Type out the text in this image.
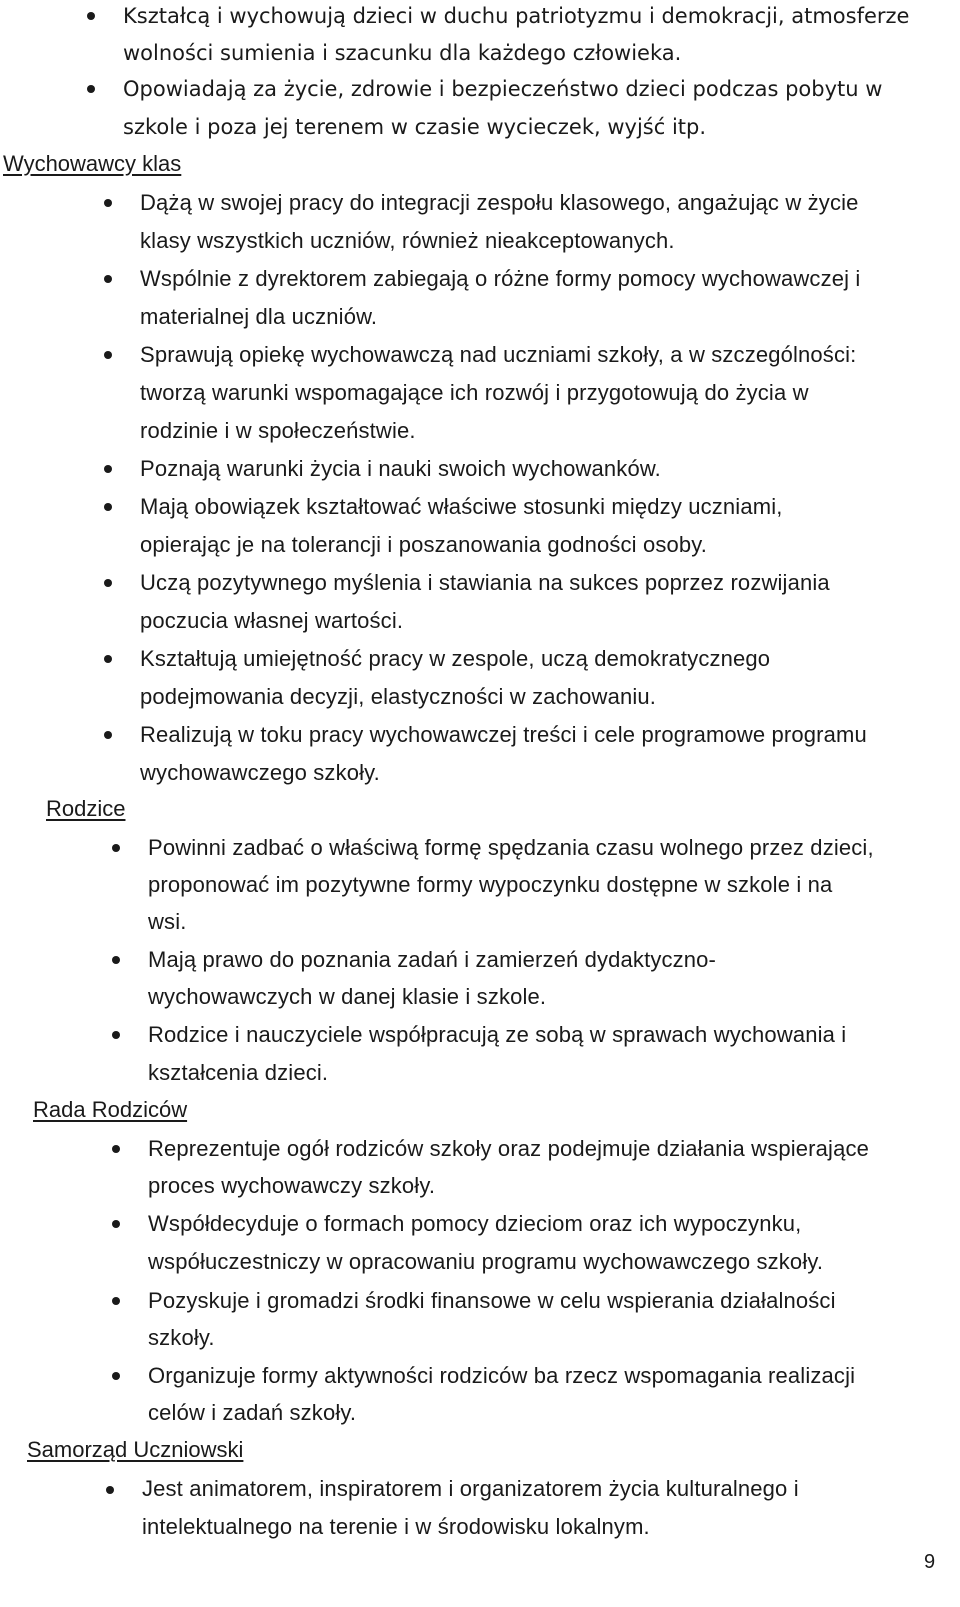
Kształcą i wychowują dzieci w duchu patriotyzmu i demokracji, atmosferze
wolności sumienia i szacunku dla każdego człowieka.
Opowiadają za życie, zdrowie i bezpieczeństwo dzieci podczas pobytu w
szkole i poza jej terenem w czasie wycieczek, wyjść itp.
Wychowawcy klas
Dążą w swojej pracy do integracji zespołu klasowego, angażując w życie
klasy wszystkich uczniów, również nieakceptowanych.
Wspólnie z dyrektorem zabiegają o różne formy pomocy wychowawczej i
materialnej dla uczniów.
Sprawują opiekę wychowawczą nad uczniami szkoły, a w szczególności:
tworzą warunki wspomagające ich rozwój i przygotowują do życia w
rodzinie i w społeczeństwie.
Poznają warunki życia i nauki swoich wychowanków.
Mają obowiązek kształtować właściwe stosunki między uczniami,
opierając je na tolerancji i poszanowania godności osoby.
Uczą pozytywnego myślenia i stawiania na sukces poprzez rozwijania
poczucia własnej wartości.
Kształtują umiejętność pracy w zespole, uczą demokratycznego
podejmowania decyzji, elastyczności w zachowaniu.
Realizują w toku pracy wychowawczej treści i cele programowe programu
wychowawczego szkoły.
Rodzice
Powinni zadbać o właściwą formę spędzania czasu wolnego przez dzieci,
proponować im pozytywne formy wypoczynku dostępne w szkole i na
wsi.
Mają prawo do poznania zadań i zamierzeń dydaktyczno-
wychowawczych w danej klasie i szkole.
Rodzice i nauczyciele współpracują ze sobą w sprawach wychowania i
kształcenia dzieci.
Rada Rodziców
Reprezentuje ogół rodziców szkoły oraz podejmuje działania wspierające
proces wychowawczy szkoły.
Współdecyduje o formach pomocy dzieciom oraz ich wypoczynku,
współuczestniczy w opracowaniu programu wychowawczego szkoły.
Pozyskuje i gromadzi środki finansowe w celu wspierania działalności
szkoły.
Organizuje formy aktywności rodziców ba rzecz wspomagania realizacji
celów i zadań szkoły.
Samorząd Uczniowski
Jest animatorem, inspiratorem i organizatorem życia kulturalnego i
intelektualnego na terenie i w środowisku lokalnym.
9
